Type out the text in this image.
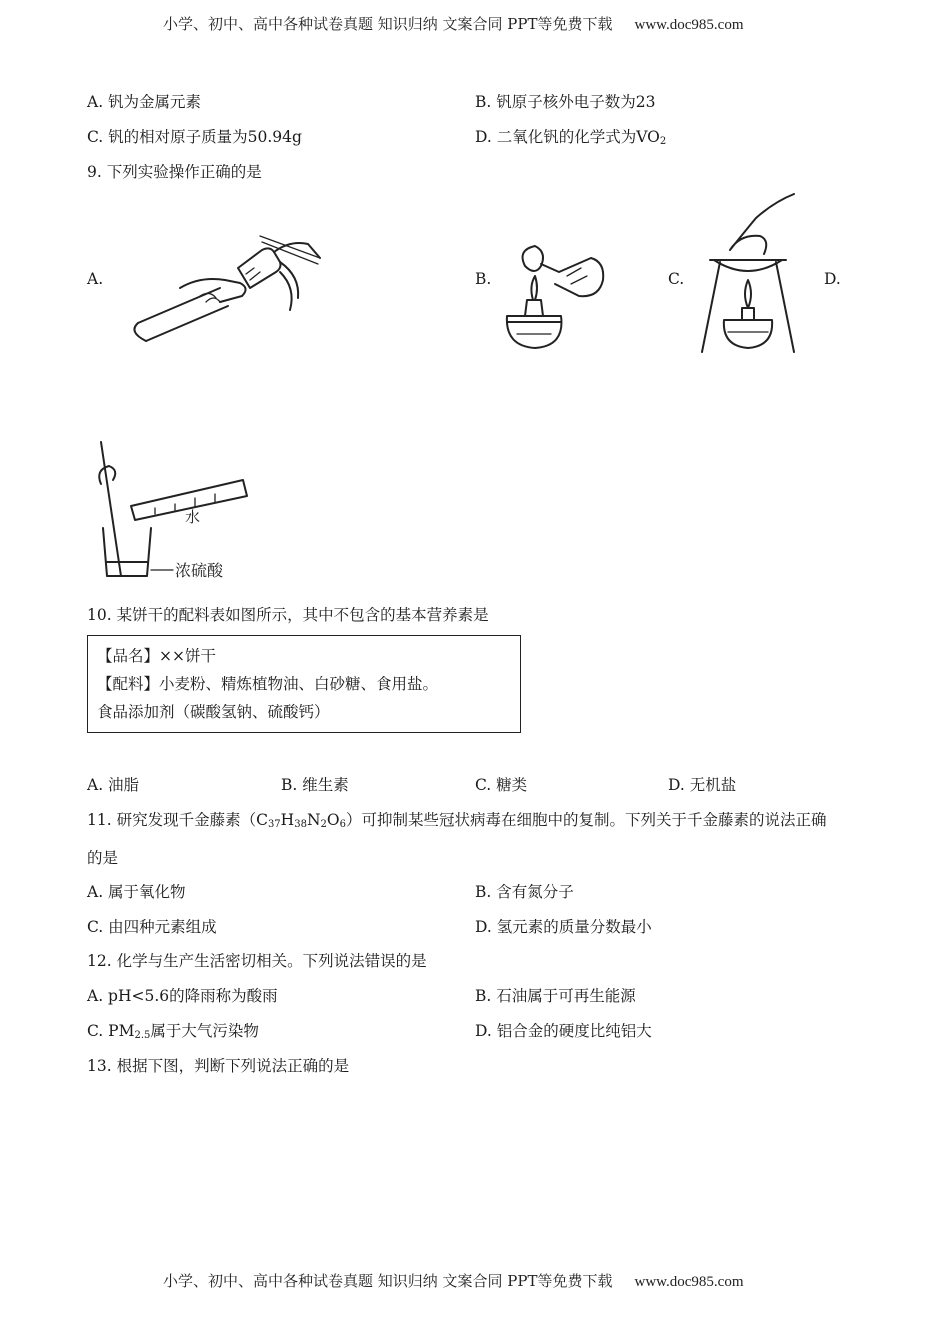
小学、初中、高中各种试卷真题 知识归纳 文案合同 PPT等免费下载 www.doc985.com
A. 钒为金属元素	B. 钒原子核外电子数为23
C. 钒的相对原子质量为50.94g	D. 二氧化钒的化学式为$VO_2$
9. 下列实验操作正确的是
A.	B.	C.	D.
水
浓硫酸
10. 某饼干的配料表如图所示，其中不包含的基本营养素是
【品名】××饼干
【配料】小麦粉、精炼植物油、白砂糖、食用盐。
食品添加剂（碳酸氢钠、硫酸钙）
A. 油脂	B. 维生素	C. 糖类	D. 无机盐
11. 研究发现千金藤素$(C_{37}H_{38}N_2O_6)$可抑制某些冠状病毒在细胞中的复制。下列关于千金藤素的说法正确
的是
A. 属于氧化物	B. 含有氮分子
C. 由四种元素组成	D. 氢元素的质量分数最小
12. 化学与生产生活密切相关。下列说法错误的是
A. pH<5.6的降雨称为酸雨	B. 石油属于可再生能源
C. $PM_{2.5}$属于大气污染物	D. 铝合金的硬度比纯铝大
13. 根据下图，判断下列说法正确的是
小学、初中、高中各种试卷真题 知识归纳 文案合同 PPT等免费下载 www.doc985.com
